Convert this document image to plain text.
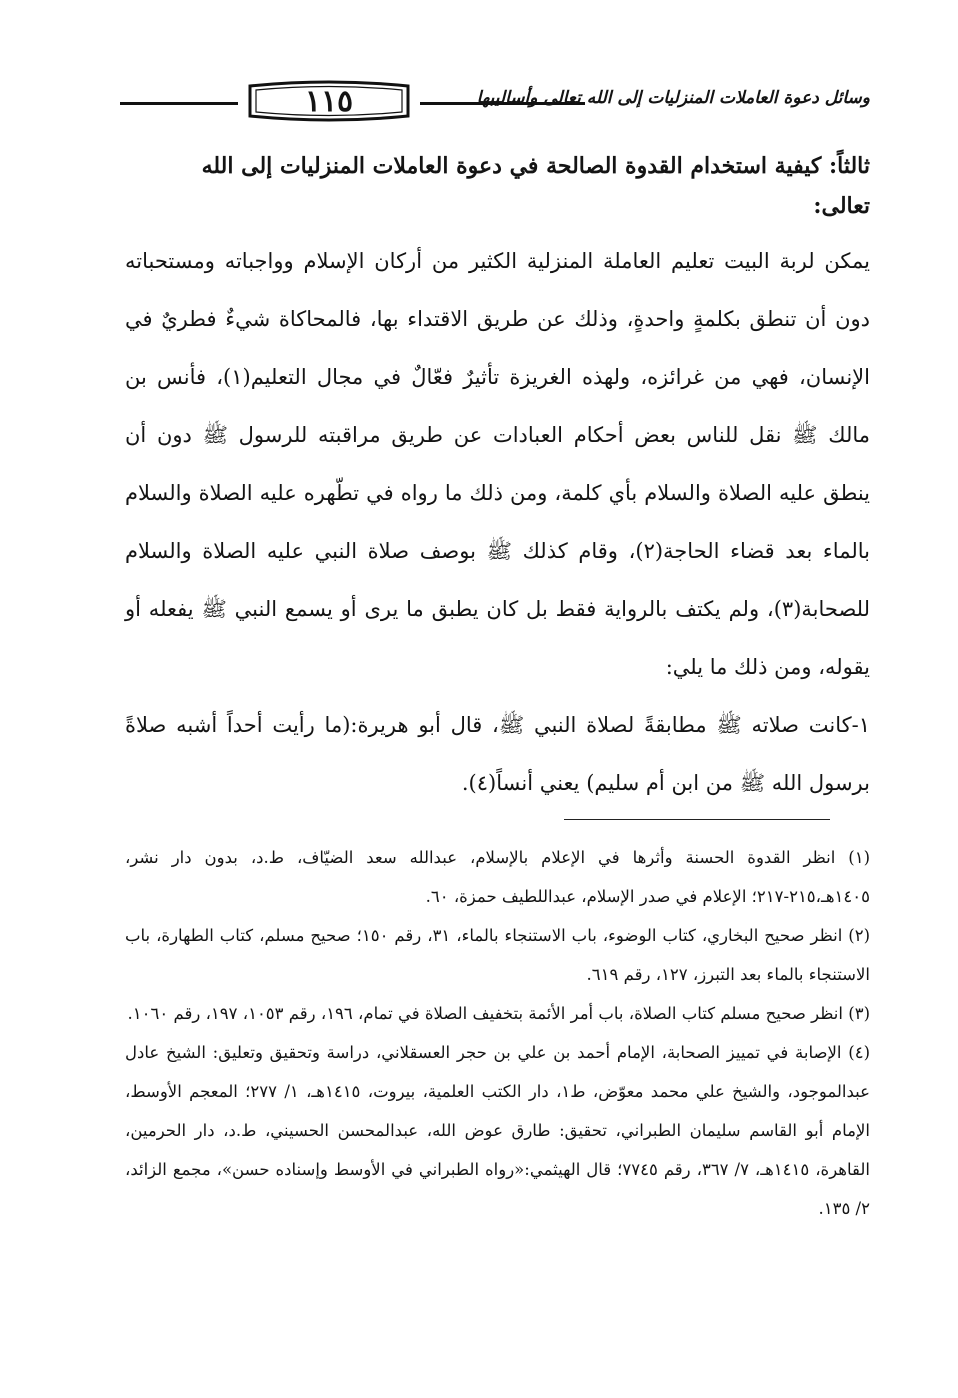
١١٥	وسائل دعوة العاملات المنزليات إلى الله تعالى وأساليبها
ثالثاً: كيفية استخدام القدوة الصالحة في دعوة العاملات المنزليات إلى الله
تعالى:

يمكن لربة البيت تعليم العاملة المنزلية الكثير من أركان الإسلام وواجباته ومستحباته دون أن تنطق بكلمةٍ واحدةٍ، وذلك عن طريق الاقتداء بها، فالمحاكاة شيءٌ فطريٌ في الإنسان، فهي من غرائزه، ولهذه الغريزة تأثيرٌ فعّالٌ في مجال التعليم(١)، فأنس بن مالك ﷺ نقل للناس بعض أحكام العبادات عن طريق مراقبته للرسول ﷺ دون أن ينطق عليه الصلاة والسلام بأي كلمة، ومن ذلك ما رواه في تطّهره عليه الصلاة والسلام بالماء بعد قضاء الحاجة(٢)، وقام كذلك ﷺ بوصف صلاة النبي عليه الصلاة والسلام للصحابة(٣)، ولم يكتف بالرواية فقط بل كان يطبق ما يرى أو يسمع النبي ﷺ يفعله أو يقوله، ومن ذلك ما يلي:

١-كانت صلاته ﷺ مطابقةً لصلاة النبي ﷺ، قال أبو هريرة:(ما رأيت أحداً أشبه صلاةً برسول الله ﷺ من ابن أم سليم) يعني أنساً(٤).

(١) انظر القدوة الحسنة وأثرها في الإعلام بالإسلام، عبدالله سعد الضيّاف، ط.د، بدون دار نشر، ١٤٠٥هـ،٢١٥-٢١٧؛ الإعلام في صدر الإسلام، عبداللطيف حمزة، ٦٠.

(٢) انظر صحيح البخاري، كتاب الوضوء، باب الاستنجاء بالماء، ٣١، رقم ١٥٠؛ صحيح مسلم، كتاب الطهارة، باب الاستنجاء بالماء بعد التبرز، ١٢٧، رقم ٦١٩.

(٣) انظر صحيح مسلم كتاب الصلاة، باب أمر الأئمة بتخفيف الصلاة في تمام، ١٩٦، رقم ١٠٥٣، ١٩٧، رقم ١٠٦٠.

(٤) الإصابة في تمييز الصحابة، الإمام أحمد بن علي بن حجر العسقلاني، دراسة وتحقيق وتعليق: الشيخ عادل عبدالموجود، والشيخ علي محمد معوّض، ط١، دار الكتب العلمية، بيروت، ١٤١٥هـ، ١/ ٢٧٧؛ المعجم الأوسط، الإمام أبو القاسم سليمان الطبراني، تحقيق: طارق عوض الله، عبدالمحسن الحسيني، ط.د، دار الحرمين، القاهرة، ١٤١٥هـ، ٧/ ٣٦٧، رقم ٧٧٤٥؛ قال الهيثمي:«رواه الطبراني في الأوسط وإسناده حسن»، مجمع الزائد، ٢/ ١٣٥.
